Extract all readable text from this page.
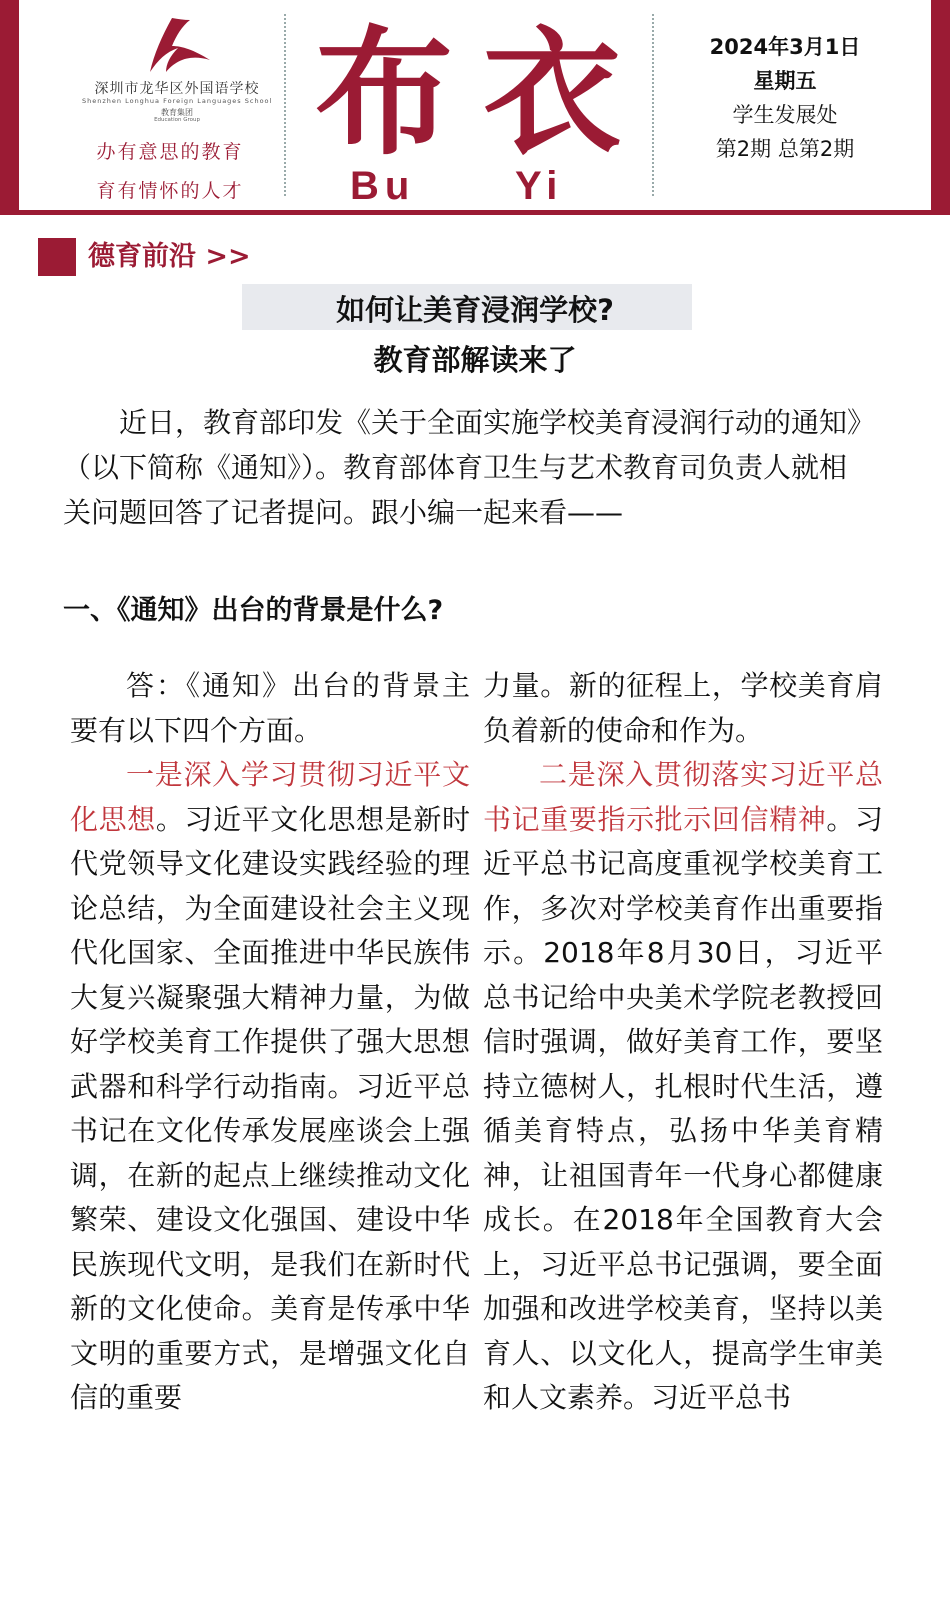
深圳市龙华区外国语学校
Shenzhen Longhua Foreign Languages School
教育集团
Education Group
办有意思的教育
育有情怀的人才
布 衣
Bu Yi
2024年3月1日
星期五
学生发展处
第2期 总第2期
德育前沿 >>
如何让美育浸润学校?
教育部解读来了
近日，教育部印发《关于全面实施学校美育浸润行动的通知》（以下简称《通知》）。教育部体育卫生与艺术教育司负责人就相关问题回答了记者提问。跟小编一起来看——
一、《通知》出台的背景是什么?

答：《通知》出台的背景主要有以下四个方面。

一是深入学习贯彻习近平文化思想。习近平文化思想是新时代党领导文化建设实践经验的理论总结，为全面建设社会主义现代化国家、全面推进中华民族伟大复兴凝聚强大精神力量，为做好学校美育工作提供了强大思想武器和科学行动指南。习近平总书记在文化传承发展座谈会上强调，在新的起点上继续推动文化繁荣、建设文化强国、建设中华民族现代文明，是我们在新时代新的文化使命。美育是传承中华文明的重要方式，是增强文化自信的重要

力量。新的征程上，学校美育肩负着新的使命和作为。

二是深入贯彻落实习近平总书记重要指示批示回信精神。习近平总书记高度重视学校美育工作，多次对学校美育作出重要指示。2018年8月30日，习近平总书记给中央美术学院老教授回信时强调，做好美育工作，要坚持立德树人，扎根时代生活，遵循美育特点，弘扬中华美育精神，让祖国青年一代身心都健康成长。在2018年全国教育大会上，习近平总书记强调，要全面加强和改进学校美育，坚持以美育人、以文化人，提高学生审美和人文素养。习近平总书
